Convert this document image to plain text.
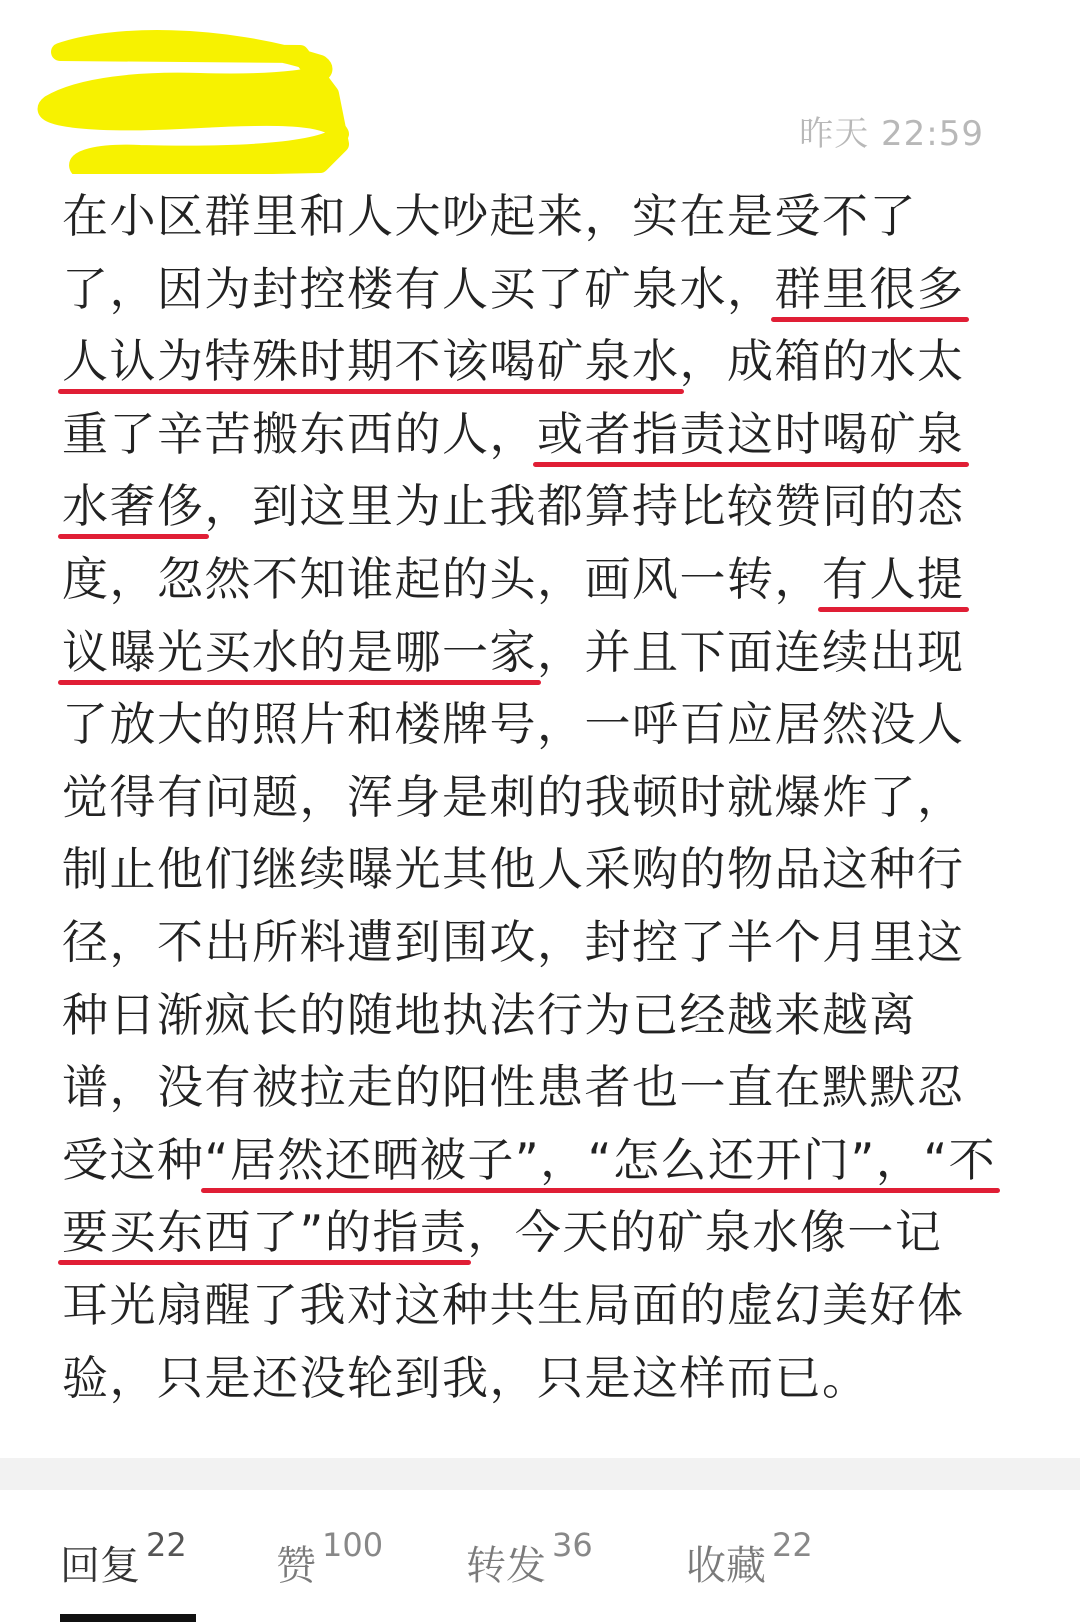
昨天 22:59
在小区群里和人大吵起来，实在是受不了
了，因为封控楼有人买了矿泉水，群里很多
人认为特殊时期不该喝矿泉水，成箱的水太
重了辛苦搬东西的人，或者指责这时喝矿泉
水奢侈，到这里为止我都算持比较赞同的态
度，忽然不知谁起的头，画风一转，有人提
议曝光买水的是哪一家，并且下面连续出现
了放大的照片和楼牌号，一呼百应居然没人
觉得有问题，浑身是刺的我顿时就爆炸了，
制止他们继续曝光其他人采购的物品这种行
径，不出所料遭到围攻，封控了半个月里这
种日渐疯长的随地执法行为已经越来越离
谱，没有被拉走的阳性患者也一直在默默忍
受这种“居然还晒被子”，“怎么还开门”，“不
要买东西了”的指责，今天的矿泉水像一记
耳光扇醒了我对这种共生局面的虚幻美好体
验，只是还没轮到我，只是这样而已。
回复 22 赞 100 转发 36 收藏 22
